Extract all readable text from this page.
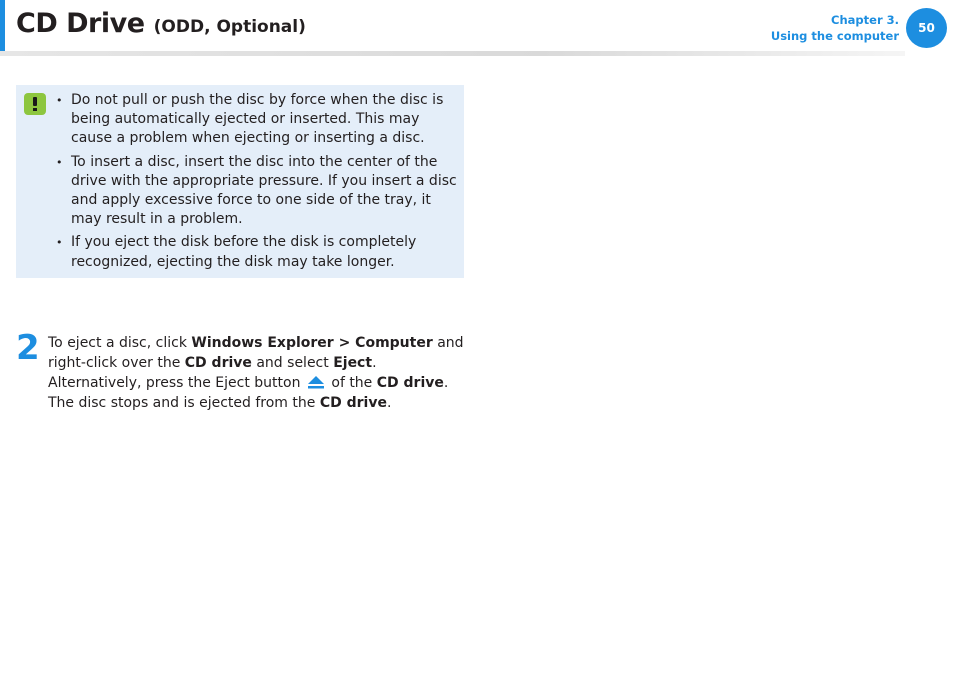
CD Drive (ODD, Optional)	Chapter 3.
Using the computer
50
• Do not pull or push the disc by force when the disc is being automatically ejected or inserted. This may cause a problem when ejecting or inserting a disc.
• To insert a disc, insert the disc into the center of the drive with the appropriate pressure. If you insert a disc and apply excessive force to one side of the tray, it may result in a problem.
• If you eject the disk before the disk is completely recognized, ejecting the disk may take longer.
2 To eject a disc, click Windows Explorer > Computer and
right-click over the CD drive and select Eject.
Alternatively, press the Eject button  of the CD drive.
The disc stops and is ejected from the CD drive.
